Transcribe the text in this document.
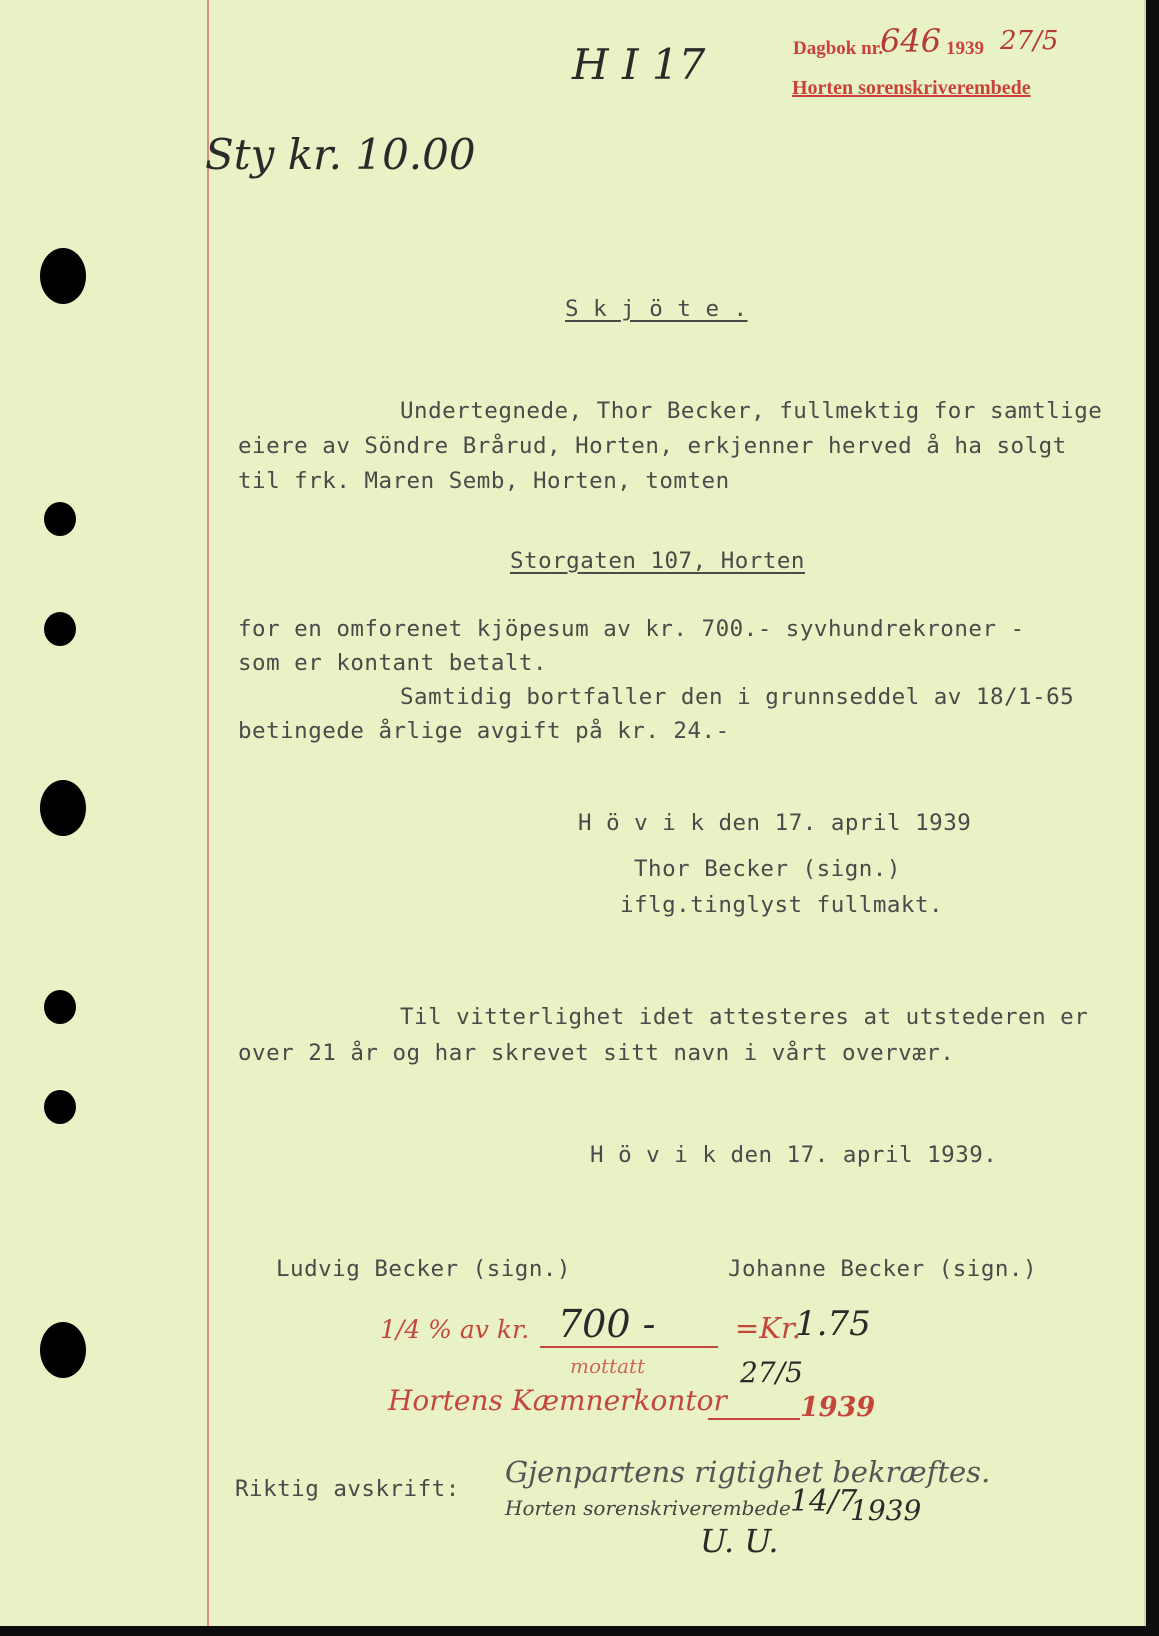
Dagbok nr.
646 1939 27/5
Horten sorenskriverembede
H I 17
Sty kr. 10.00
S k j ö t e .
Undertegnede, Thor Becker, fullmektig for samtlige
eiere av Söndre Brårud, Horten, erkjenner herved å ha solgt
til frk. Maren Semb, Horten, tomten
Storgaten 107, Horten
for en omforenet kjöpesum av kr. 700.- syvhundrekroner -
som er kontant betalt.
Samtidig bortfaller den i grunnseddel av 18/1-65
betingede årlige avgift på kr. 24.-
H ö v i k den 17. april 1939
Thor Becker (sign.)
iflg.tinglyst fullmakt.
Til vitterlighet idet attesteres at utstederen er
over 21 år og har skrevet sitt navn i vårt overvær.
H ö v i k den 17. april 1939.
Ludvig Becker (sign.)	Johanne Becker (sign.)
1/4 % av kr. 700 -	=Kr.
1.75
mottatt
Hortens Kæmnerkontor
27/5
1939
Riktig avskrift: Gjenpartens rigtighet bekræftes.
Horten sorenskriverembede 14/7
1939
U. U.
